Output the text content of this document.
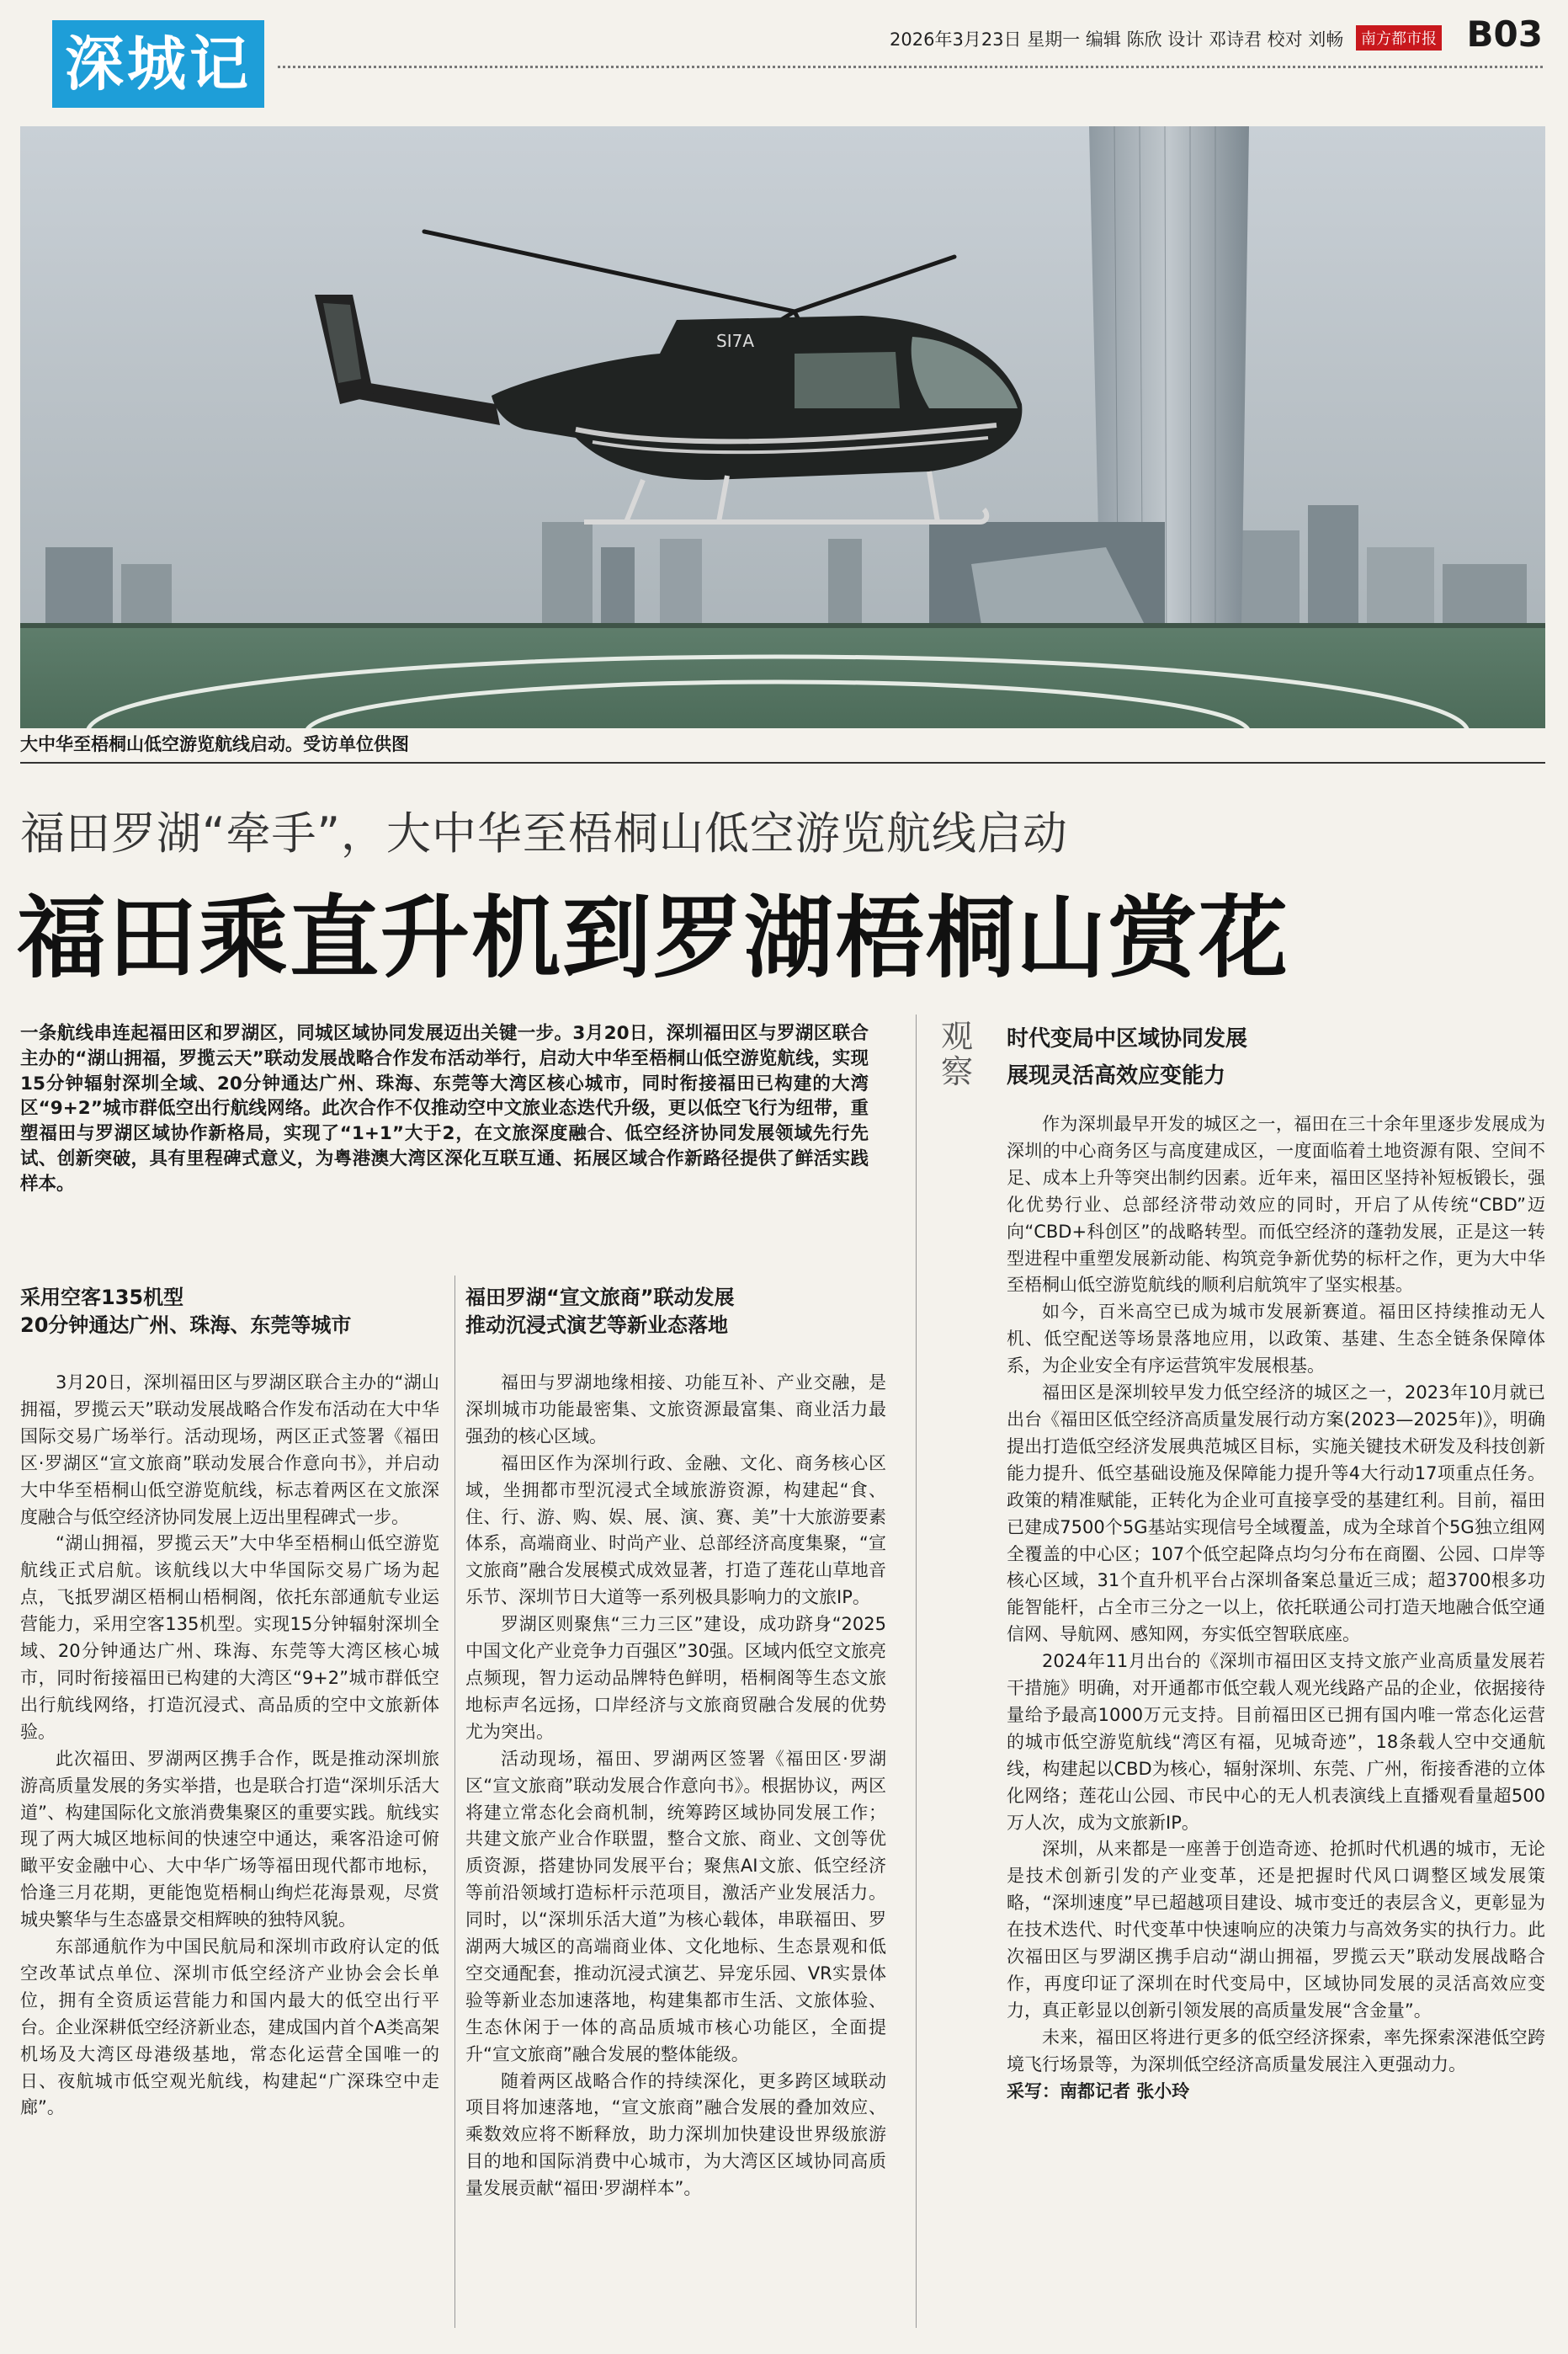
深城记	2026年3月23日 星期一 编辑 陈欣 设计 邓诗君 校对 刘畅 南方都市报 B03
SI7A
大中华至梧桐山低空游览航线启动。受访单位供图
福田罗湖“牵手”，大中华至梧桐山低空游览航线启动
福田乘直升机到罗湖梧桐山赏花
一条航线串连起福田区和罗湖区，同城区域协同发展迈出关键一步。3月20日，深圳福田区与罗湖区联合主办的“湖山拥福，罗揽云天”联动发展战略合作发布活动举行，启动大中华至梧桐山低空游览航线，实现15分钟辐射深圳全域、20分钟通达广州、珠海、东莞等大湾区核心城市，同时衔接福田已构建的大湾区“9+2”城市群低空出行航线网络。此次合作不仅推动空中文旅业态迭代升级，更以低空飞行为纽带，重塑福田与罗湖区域协作新格局，实现了“1+1”大于2，在文旅深度融合、低空经济协同发展领域先行先试、创新突破，具有里程碑式意义，为粤港澳大湾区深化互联互通、拓展区域合作新路径提供了鲜活实践样本。
采用空客135机型
20分钟通达广州、珠海、东莞等城市

3月20日，深圳福田区与罗湖区联合主办的“湖山拥福，罗揽云天”联动发展战略合作发布活动在大中华国际交易广场举行。活动现场，两区正式签署《福田区·罗湖区“宣文旅商”联动发展合作意向书》，并启动大中华至梧桐山低空游览航线，标志着两区在文旅深度融合与低空经济协同发展上迈出里程碑式一步。

“湖山拥福，罗揽云天”大中华至梧桐山低空游览航线正式启航。该航线以大中华国际交易广场为起点，飞抵罗湖区梧桐山梧桐阁，依托东部通航专业运营能力，采用空客135机型。实现15分钟辐射深圳全域、20分钟通达广州、珠海、东莞等大湾区核心城市，同时衔接福田已构建的大湾区“9+2”城市群低空出行航线网络，打造沉浸式、高品质的空中文旅新体验。

此次福田、罗湖两区携手合作，既是推动深圳旅游高质量发展的务实举措，也是联合打造“深圳乐活大道”、构建国际化文旅消费集聚区的重要实践。航线实现了两大城区地标间的快速空中通达，乘客沿途可俯瞰平安金融中心、大中华广场等福田现代都市地标，恰逢三月花期，更能饱览梧桐山绚烂花海景观，尽赏城央繁华与生态盛景交相辉映的独特风貌。

东部通航作为中国民航局和深圳市政府认定的低空改革试点单位、深圳市低空经济产业协会会长单位，拥有全资质运营能力和国内最大的低空出行平台。企业深耕低空经济新业态，建成国内首个A类高架机场及大湾区母港级基地，常态化运营全国唯一的日、夜航城市低空观光航线，构建起“广深珠空中走廊”。

福田罗湖“宣文旅商”联动发展
推动沉浸式演艺等新业态落地

福田与罗湖地缘相接、功能互补、产业交融，是深圳城市功能最密集、文旅资源最富集、商业活力最强劲的核心区域。

福田区作为深圳行政、金融、文化、商务核心区域，坐拥都市型沉浸式全域旅游资源，构建起“食、住、行、游、购、娱、展、演、赛、美”十大旅游要素体系，高端商业、时尚产业、总部经济高度集聚，“宣文旅商”融合发展模式成效显著，打造了莲花山草地音乐节、深圳节日大道等一系列极具影响力的文旅IP。

罗湖区则聚焦“三力三区”建设，成功跻身“2025中国文化产业竞争力百强区”30强。区域内低空文旅亮点频现，智力运动品牌特色鲜明，梧桐阁等生态文旅地标声名远扬，口岸经济与文旅商贸融合发展的优势尤为突出。

活动现场，福田、罗湖两区签署《福田区·罗湖区“宣文旅商”联动发展合作意向书》。根据协议，两区将建立常态化会商机制，统筹跨区域协同发展工作；共建文旅产业合作联盟，整合文旅、商业、文创等优质资源，搭建协同发展平台；聚焦AI文旅、低空经济等前沿领域打造标杆示范项目，激活产业发展活力。同时，以“深圳乐活大道”为核心载体，串联福田、罗湖两大城区的高端商业体、文化地标、生态景观和低空交通配套，推动沉浸式演艺、异宠乐园、VR实景体验等新业态加速落地，构建集都市生活、文旅体验、生态休闲于一体的高品质城市核心功能区，全面提升“宣文旅商”融合发展的整体能级。

随着两区战略合作的持续深化，更多跨区域联动项目将加速落地，“宣文旅商”融合发展的叠加效应、乘数效应将不断释放，助力深圳加快建设世界级旅游目的地和国际消费中心城市，为大湾区区域协同高质量发展贡献“福田·罗湖样本”。

观察
时代变局中区域协同发展
展现灵活高效应变能力

作为深圳最早开发的城区之一，福田在三十余年里逐步发展成为深圳的中心商务区与高度建成区，一度面临着土地资源有限、空间不足、成本上升等突出制约因素。近年来，福田区坚持补短板锻长，强化优势行业、总部经济带动效应的同时，开启了从传统“CBD”迈向“CBD+科创区”的战略转型。而低空经济的蓬勃发展，正是这一转型进程中重塑发展新动能、构筑竞争新优势的标杆之作，更为大中华至梧桐山低空游览航线的顺利启航筑牢了坚实根基。

如今，百米高空已成为城市发展新赛道。福田区持续推动无人机、低空配送等场景落地应用，以政策、基建、生态全链条保障体系，为企业安全有序运营筑牢发展根基。

福田区是深圳较早发力低空经济的城区之一，2023年10月就已出台《福田区低空经济高质量发展行动方案(2023—2025年)》，明确提出打造低空经济发展典范城区目标，实施关键技术研发及科技创新能力提升、低空基础设施及保障能力提升等4大行动17项重点任务。政策的精准赋能，正转化为企业可直接享受的基建红利。目前，福田已建成7500个5G基站实现信号全域覆盖，成为全球首个5G独立组网全覆盖的中心区；107个低空起降点均匀分布在商圈、公园、口岸等核心区域，31个直升机平台占深圳备案总量近三成；超3700根多功能智能杆，占全市三分之一以上，依托联通公司打造天地融合低空通信网、导航网、感知网，夯实低空智联底座。

2024年11月出台的《深圳市福田区支持文旅产业高质量发展若干措施》明确，对开通都市低空载人观光线路产品的企业，依据接待量给予最高1000万元支持。目前福田区已拥有国内唯一常态化运营的城市低空游览航线“湾区有福，见城奇迹”，18条载人空中交通航线，构建起以CBD为核心，辐射深圳、东莞、广州，衔接香港的立体化网络；莲花山公园、市民中心的无人机表演线上直播观看量超500万人次，成为文旅新IP。

深圳，从来都是一座善于创造奇迹、抢抓时代机遇的城市，无论是技术创新引发的产业变革，还是把握时代风口调整区域发展策略，“深圳速度”早已超越项目建设、城市变迁的表层含义，更彰显为在技术迭代、时代变革中快速响应的决策力与高效务实的执行力。此次福田区与罗湖区携手启动“湖山拥福，罗揽云天”联动发展战略合作，再度印证了深圳在时代变局中，区域协同发展的灵活高效应变力，真正彰显以创新引领发展的高质量发展“含金量”。

未来，福田区将进行更多的低空经济探索，率先探索深港低空跨境飞行场景等，为深圳低空经济高质量发展注入更强动力。

采写：南都记者 张小玲
